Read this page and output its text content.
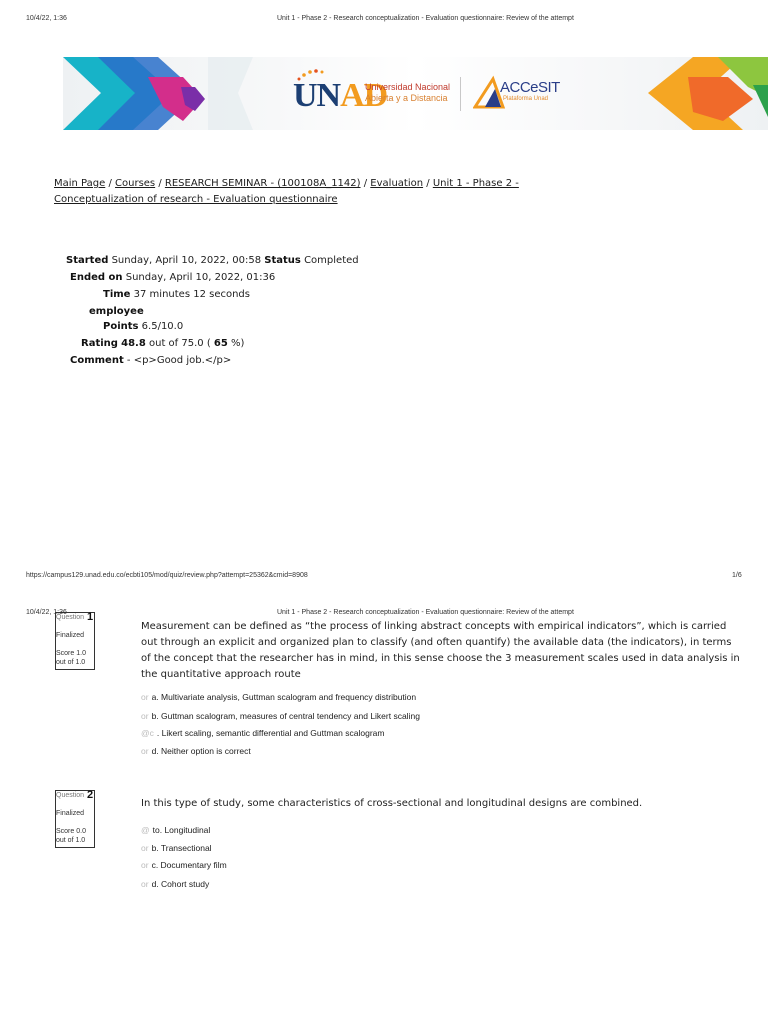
10/4/22, 1:36	Unit 1 - Phase 2 - Research conceptualization - Evaluation questionnaire: Review of the attempt
UNAD
Universidad Nacional
Abierta y a Distancia
ACCeSIT
Plataforma Unad
Main Page / Courses / RESEARCH SEMINAR - (100108A_1142) / Evaluation / Unit 1 - Phase 2 - Conceptualization of research - Evaluation questionnaire
Started Sunday, April 10, 2022, 00:58 Status Completed
Ended on Sunday, April 10, 2022, 01:36
Time 37 minutes 12 seconds
employee
Points 6.5/10.0
Rating 48.8 out of 75.0 ( 65 %)
Comment - <p>Good job.</p>
https://campus129.unad.edu.co/ecbti105/mod/quiz/review.php?attempt=25362&cmid=8908	1/6
10/4/22, 1:36	Unit 1 - Phase 2 - Research conceptualization - Evaluation questionnaire: Review of the attempt
Question 1
Finalized
Score 1.0
out of 1.0
Measurement can be defined as “the process of linking abstract concepts with empirical indicators”, which is carried out through an explicit and organized plan to classify (and often quantify) the available data (the indicators), in terms of the concept that the researcher has in mind, in this sense choose the 3 measurement scales used in data analysis in the quantitative approach route
or a. Multivariate analysis, Guttman scalogram and frequency distribution
or b. Guttman scalogram, measures of central tendency and Likert scaling
@c . Likert scaling, semantic differential and Guttman scalogram
or d. Neither option is correct
Question 2
Finalized
Score 0.0
out of 1.0
In this type of study, some characteristics of cross-sectional and longitudinal designs are combined.
@ to. Longitudinal
or b. Transectional
or c. Documentary film
or d. Cohort study
